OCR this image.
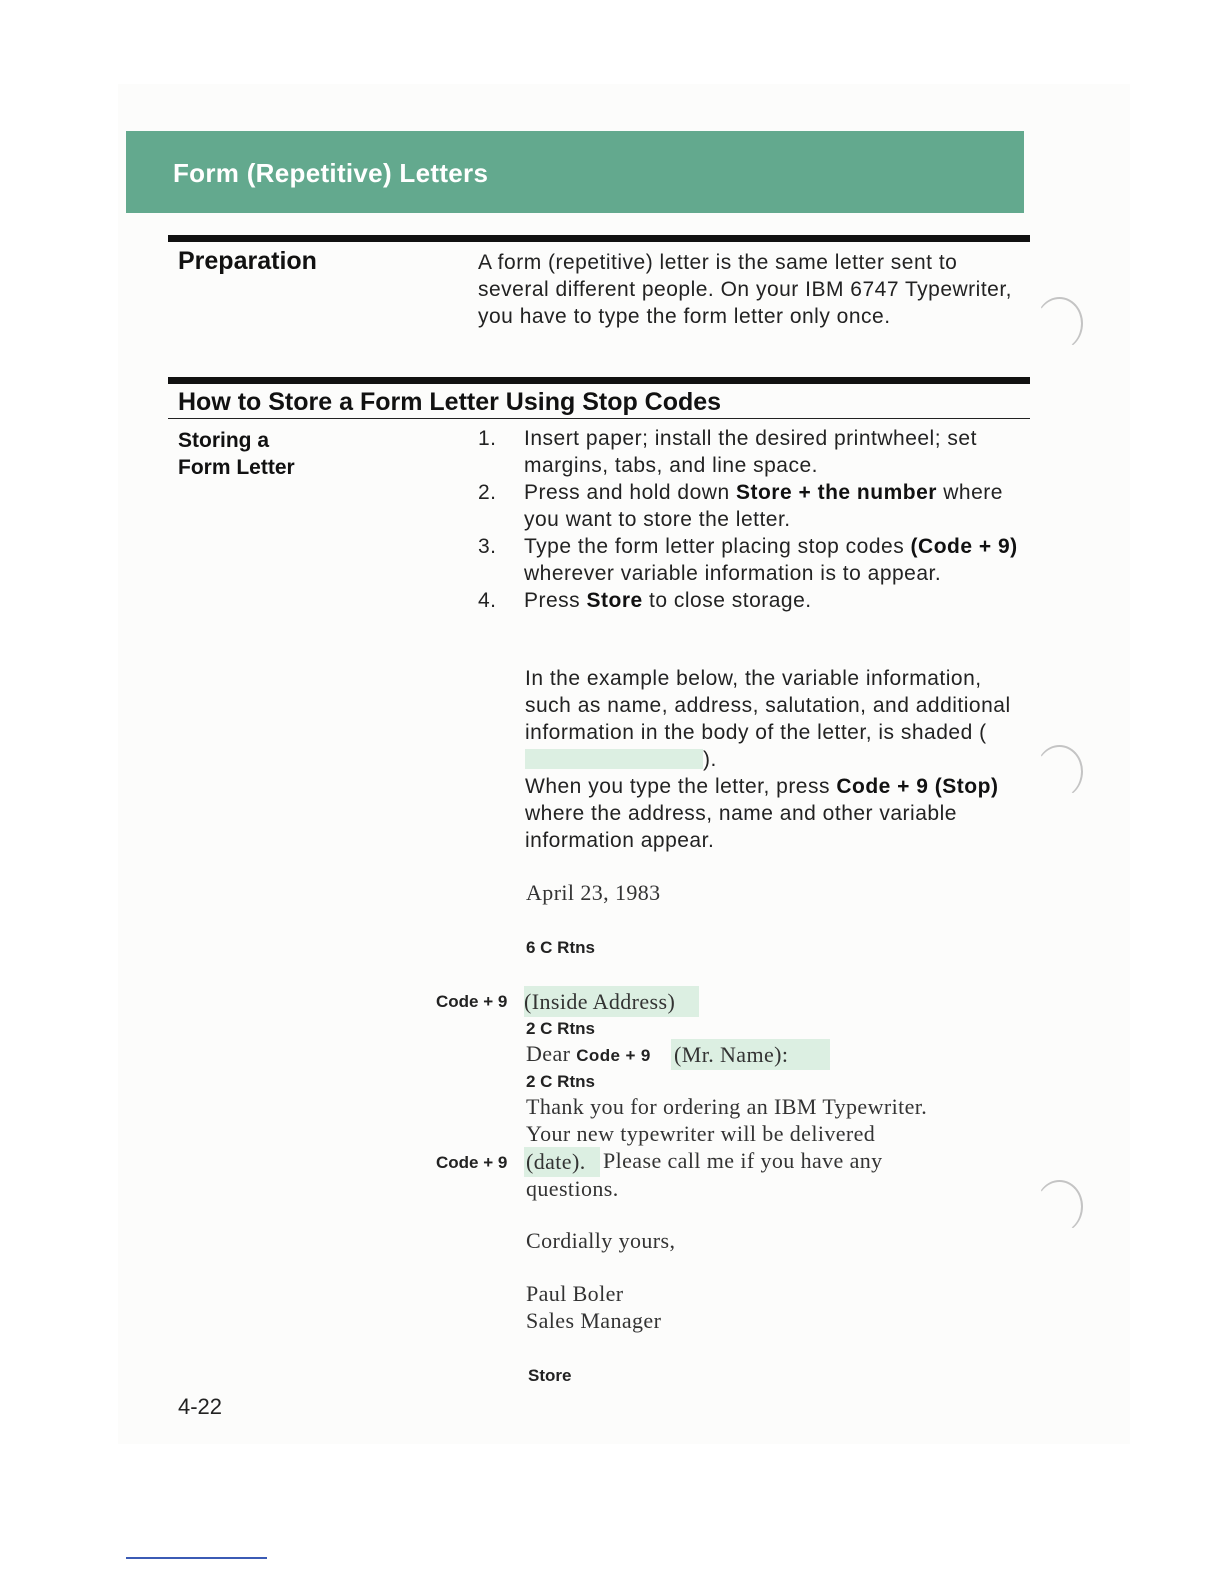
Form (Repetitive) Letters
Preparation	A form (repetitive) letter is the same letter sent to several different people. On your IBM 6747 Typewriter, you have to type the form letter only once.
How to Store a Form Letter Using Stop Codes
Storing a
Form Letter
1. Insert paper; install the desired printwheel; set margins, tabs, and line space.
2. Press and hold down Store + the number where you want to store the letter.
3. Type the form letter placing stop codes (Code + 9) wherever variable information is to appear.
4. Press Store to close storage.
In the example below, the variable information, such as name, address, salutation, and additional information in the body of the letter, is shaded ().
When you type the letter, press Code + 9 (Stop) where the address, name and other variable information appear.
April 23, 1983
6 C Rtns
Code + 9 (Inside Address)
2 C Rtns
Dear Code + 9 (Mr. Name):
2 C Rtns
Thank you for ordering an IBM Typewriter.
Your new typewriter will be delivered
Code + 9 (date). Please call me if you have any
questions.
Cordially yours,
Paul Boler
Sales Manager
Store
4-22
